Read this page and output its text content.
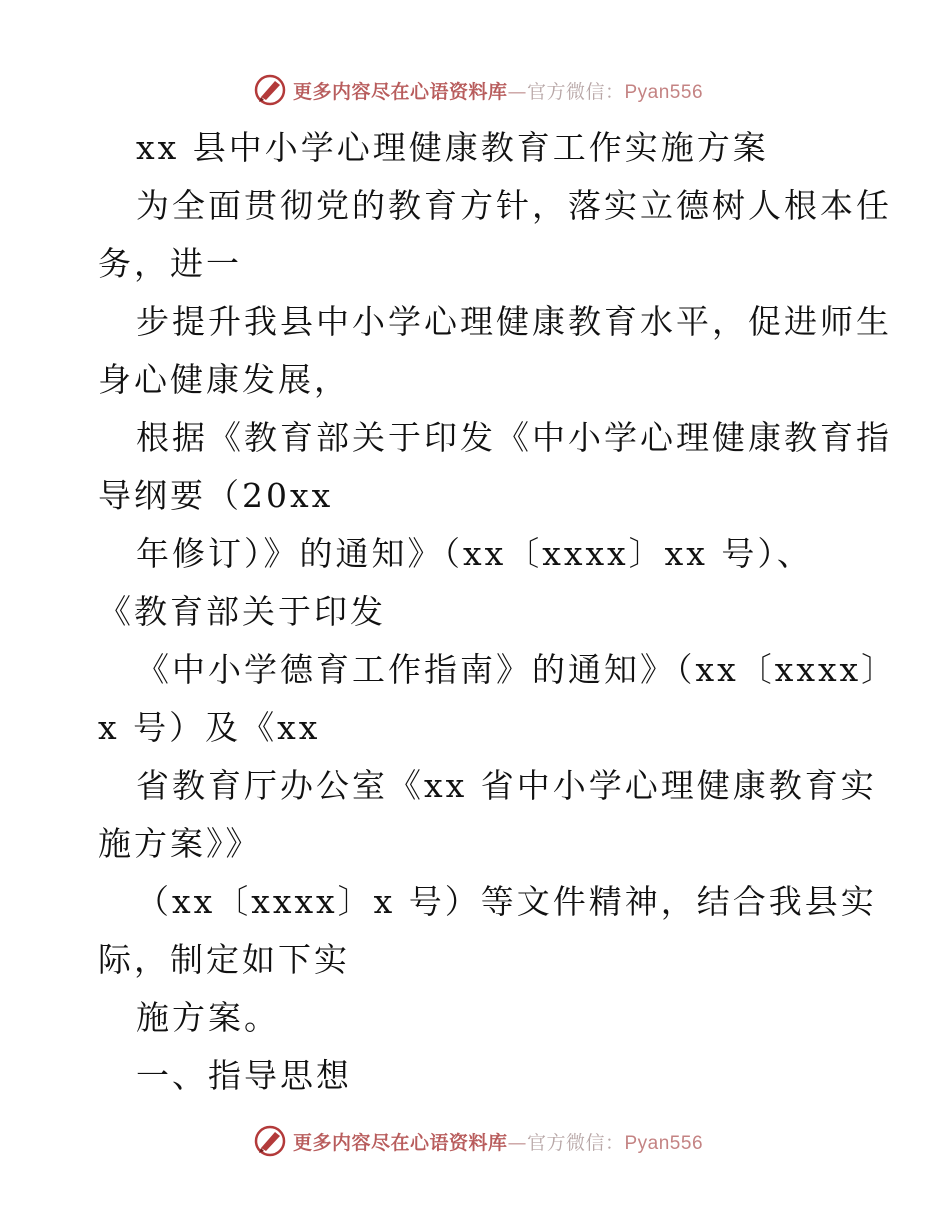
更多内容尽在心语资料库—官方微信：Pyan556
xx 县中小学心理健康教育工作实施方案
为全面贯彻党的教育方针，落实立德树人根本任
务，进一
步提升我县中小学心理健康教育水平，促进师生
身心健康发展，
根据《教育部关于印发《中小学心理健康教育指
导纲要（20xx
年修订）》的通知》（xx〔xxxx〕xx 号）、
《教育部关于印发
《中小学德育工作指南》的通知》（xx〔xxxx〕
x 号）及《xx
省教育厅办公室《xx 省中小学心理健康教育实
施方案》》
（xx〔xxxx〕x 号）等文件精神，结合我县实
际，制定如下实
施方案。
一、指导思想
更多内容尽在心语资料库—官方微信：Pyan556
